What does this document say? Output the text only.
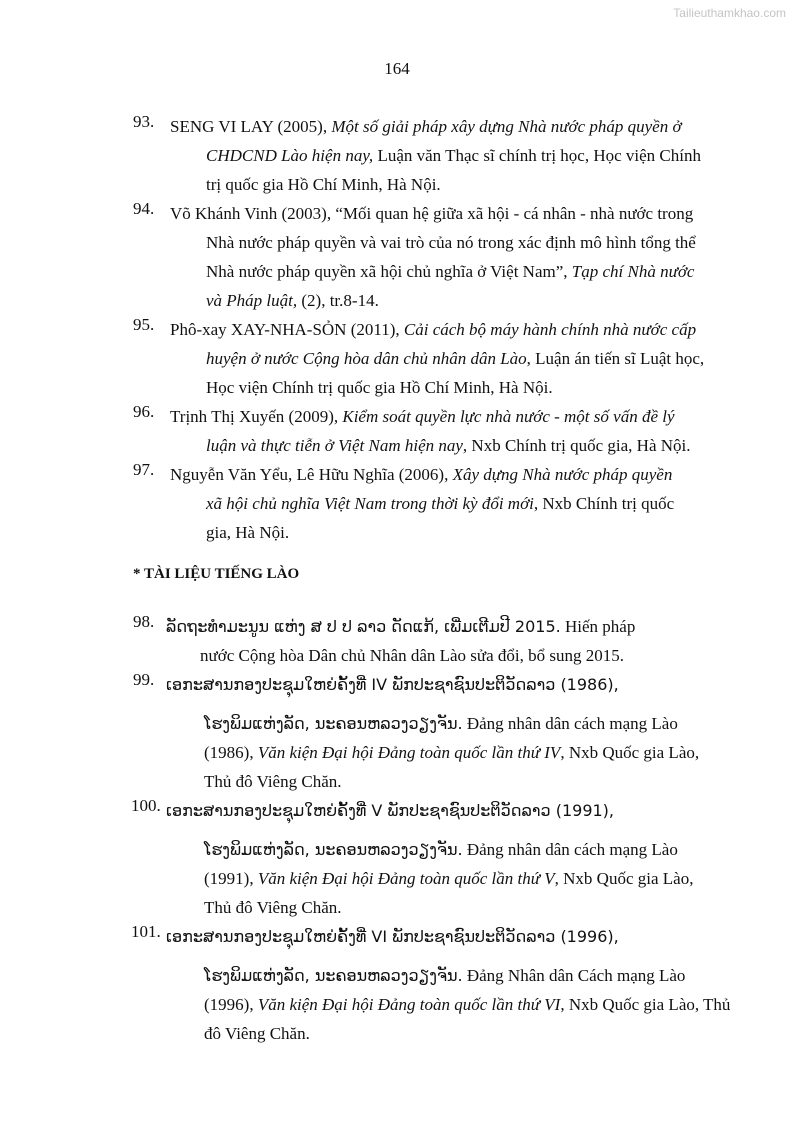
Tailieuthamkhao.com
164
93. SENG VI LAY (2005), Một số giải pháp xây dựng Nhà nước pháp quyền ở
CHDCND Lào hiện nay, Luận văn Thạc sĩ chính trị học, Học viện Chính
trị quốc gia Hồ Chí Minh, Hà Nội.
94. Võ Khánh Vinh (2003), “Mối quan hệ giữa xã hội - cá nhân - nhà nước trong
Nhà nước pháp quyền và vai trò của nó trong xác định mô hình tổng thể
Nhà nước pháp quyền xã hội chủ nghĩa ở Việt Nam”, Tạp chí Nhà nước
và Pháp luật, (2), tr.8-14.
95. Phô-xay XAY-NHA-SỎN (2011), Cải cách bộ máy hành chính nhà nước cấp
huyện ở nước Cộng hòa dân chủ nhân dân Lào, Luận án tiến sĩ Luật học,
Học viện Chính trị quốc gia Hồ Chí Minh, Hà Nội.
96. Trịnh Thị Xuyến (2009), Kiểm soát quyền lực nhà nước - một số vấn đề lý
luận và thực tiễn ở Việt Nam hiện nay, Nxb Chính trị quốc gia, Hà Nội.
97. Nguyễn Văn Yểu, Lê Hữu Nghĩa (2006), Xây dựng Nhà nước pháp quyền
xã hội chủ nghĩa Việt Nam trong thời kỳ đổi mới, Nxb Chính trị quốc
gia, Hà Nội.
* TÀI LIỆU TIẾNG LÀO
98. ລັດຖະທຳມະນູນ ແຫ່ງ ສ ປ ປ ລາວ ດັດແກ້, ເພີ່ມເຕີມປີ 2015. Hiến pháp
nước Cộng hòa Dân chủ Nhân dân Lào sửa đổi, bổ sung 2015.
99. ເອກະສານກອງປະຊຸມໃຫຍ່ຄັ້ງທີ່ IV ພັກປະຊາຊົນປະຕິວັດລາວ (1986),
ໂຮງພິມແຫ່ງລັດ, ນະຄອນຫລວງວຽງຈັນ. Đảng nhân dân cách mạng Lào
(1986), Văn kiện Đại hội Đảng toàn quốc lần thứ IV, Nxb Quốc gia Lào,
Thủ đô Viêng Chăn.
100. ເອກະສານກອງປະຊຸມໃຫຍ່ຄັ້ງທີ່ V ພັກປະຊາຊົນປະຕິວັດລາວ (1991),
ໂຮງພິມແຫ່ງລັດ, ນະຄອນຫລວງວຽງຈັນ. Đảng nhân dân cách mạng Lào
(1991), Văn kiện Đại hội Đảng toàn quốc lần thứ V, Nxb Quốc gia Lào,
Thủ đô Viêng Chăn.
101. ເອກະສານກອງປະຊຸມໃຫຍ່ຄັ້ງທີ່ VI ພັກປະຊາຊົນປະຕິວັດລາວ (1996),
ໂຮງພິມແຫ່ງລັດ, ນະຄອນຫລວງວຽງຈັນ. Đảng Nhân dân Cách mạng Lào
(1996), Văn kiện Đại hội Đảng toàn quốc lần thứ VI, Nxb Quốc gia Lào, Thủ
đô Viêng Chăn.
